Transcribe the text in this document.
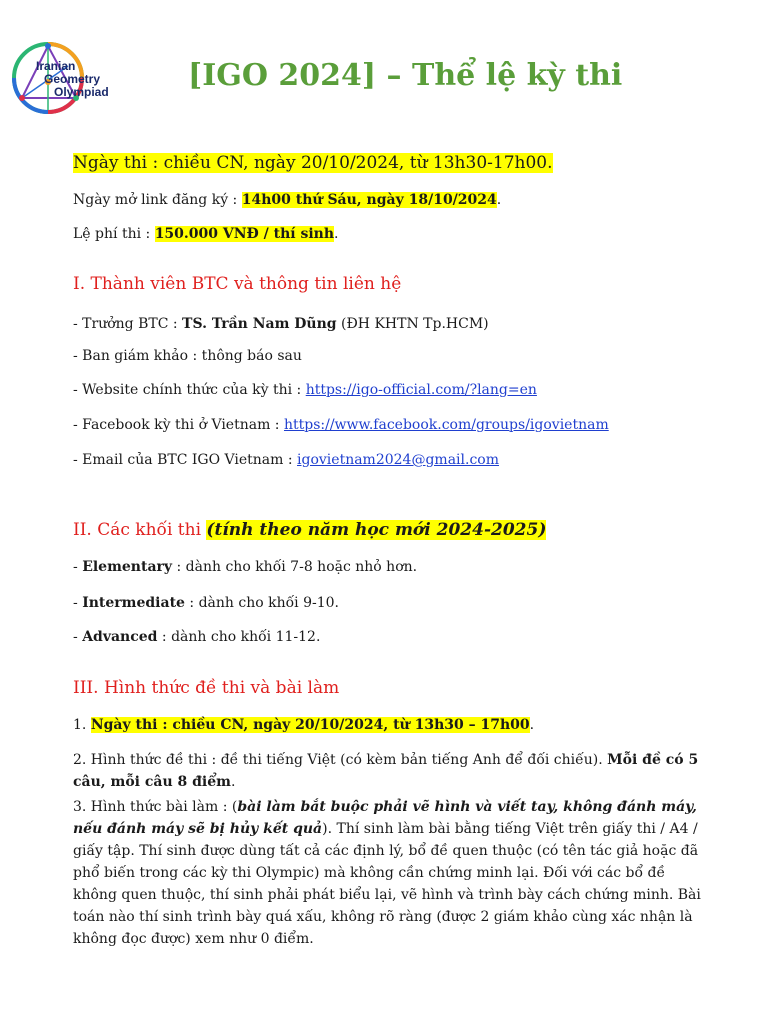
Iranian
Geometry
Olympiad	[IGO 2024] – Thể lệ kỳ thi
Ngày thi : chiều CN, ngày 20/10/2024, từ 13h30-17h00.
Ngày mở link đăng ký : 14h00 thứ Sáu, ngày 18/10/2024.
Lệ phí thi : 150.000 VNĐ / thí sinh.
I. Thành viên BTC và thông tin liên hệ
- Trưởng BTC : TS. Trần Nam Dũng (ĐH KHTN Tp.HCM)
- Ban giám khảo : thông báo sau
- Website chính thức của kỳ thi : https://igo-official.com/?lang=en
- Facebook kỳ thi ở Vietnam : https://www.facebook.com/groups/igovietnam
- Email của BTC IGO Vietnam : igovietnam2024@gmail.com
II. Các khối thi (tính theo năm học mới 2024-2025)
- Elementary : dành cho khối 7-8 hoặc nhỏ hơn.
- Intermediate : dành cho khối 9-10.
- Advanced : dành cho khối 11-12.
III. Hình thức đề thi và bài làm
1. Ngày thi : chiều CN, ngày 20/10/2024, từ 13h30 – 17h00.
2. Hình thức đề thi : đề thi tiếng Việt (có kèm bản tiếng Anh để đối chiếu). Mỗi đề có 5 câu, mỗi câu 8 điểm.
3. Hình thức bài làm : (bài làm bắt buộc phải vẽ hình và viết tay, không đánh máy, nếu đánh máy sẽ bị hủy kết quả). Thí sinh làm bài bằng tiếng Việt trên giấy thi / A4 / giấy tập. Thí sinh được dùng tất cả các định lý, bổ đề quen thuộc (có tên tác giả hoặc đã phổ biến trong các kỳ thi Olympic) mà không cần chứng minh lại. Đối với các bổ đề không quen thuộc, thí sinh phải phát biểu lại, vẽ hình và trình bày cách chứng minh. Bài toán nào thí sinh trình bày quá xấu, không rõ ràng (được 2 giám khảo cùng xác nhận là không đọc được) xem như 0 điểm.
